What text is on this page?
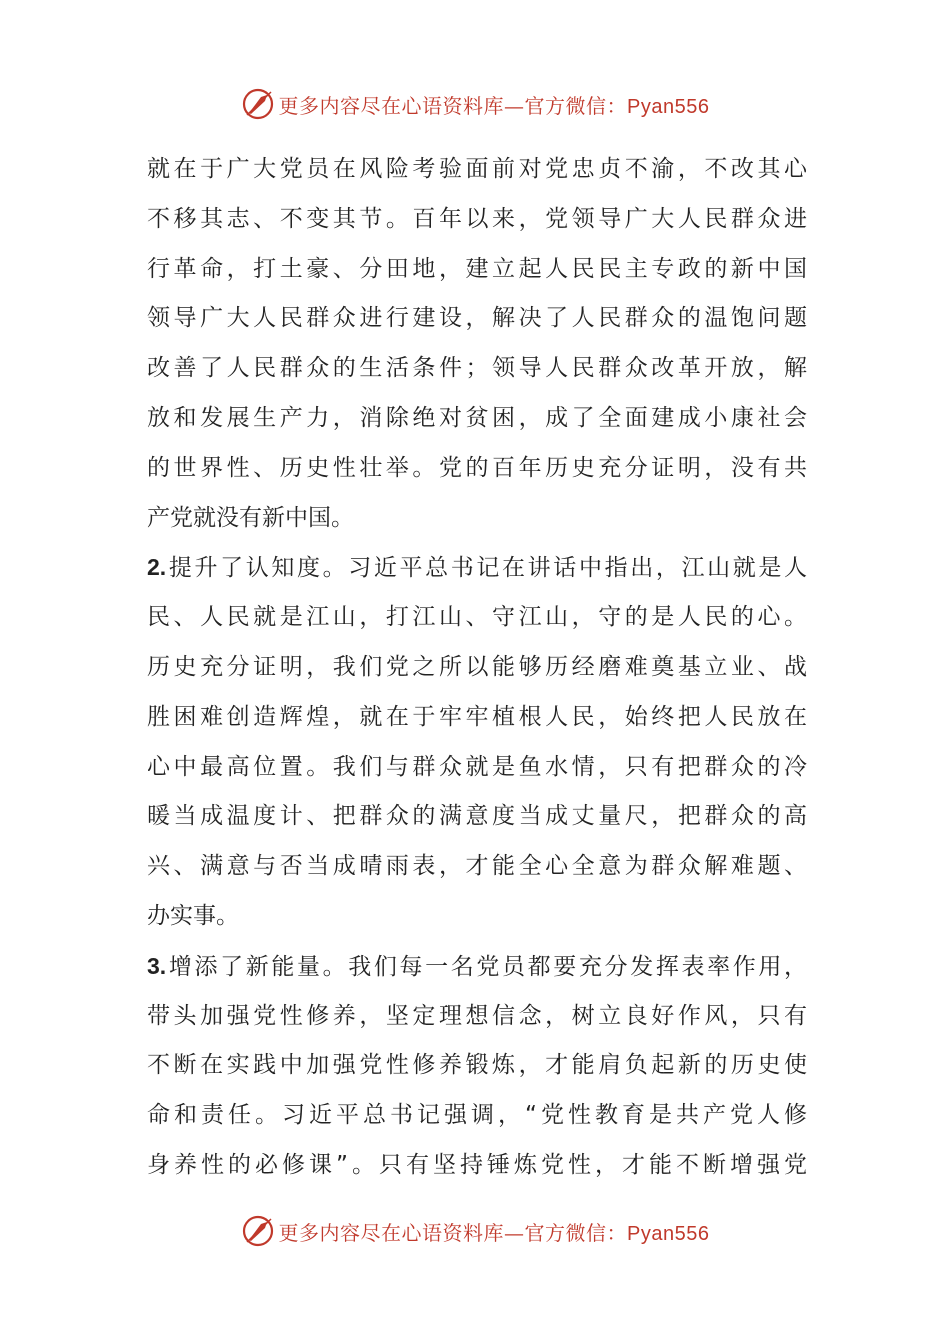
更多内容尽在心语资料库—官方微信：Pyan556
就在于广大党员在风险考验面前对党忠贞不渝，不改其心
不移其志、不变其节。百年以来，党领导广大人民群众进
行革命，打土豪、分田地，建立起人民民主专政的新中国
领导广大人民群众进行建设，解决了人民群众的温饱问题
改善了人民群众的生活条件；领导人民群众改革开放，解
放和发展生产力，消除绝对贫困，成了全面建成小康社会
的世界性、历史性壮举。党的百年历史充分证明，没有共
产党就没有新中国。
2.提升了认知度。习近平总书记在讲话中指出，江山就是人
民、人民就是江山，打江山、守江山，守的是人民的心。
历史充分证明，我们党之所以能够历经磨难奠基立业、战
胜困难创造辉煌，就在于牢牢植根人民，始终把人民放在
心中最高位置。我们与群众就是鱼水情，只有把群众的冷
暖当成温度计、把群众的满意度当成丈量尺，把群众的高
兴、满意与否当成晴雨表，才能全心全意为群众解难题、
办实事。
3.增添了新能量。我们每一名党员都要充分发挥表率作用，
带头加强党性修养，坚定理想信念，树立良好作风，只有
不断在实践中加强党性修养锻炼，才能肩负起新的历史使
命和责任。习近平总书记强调，“党性教育是共产党人修
身养性的必修课”。只有坚持锤炼党性，才能不断增强党
更多内容尽在心语资料库—官方微信：Pyan556
